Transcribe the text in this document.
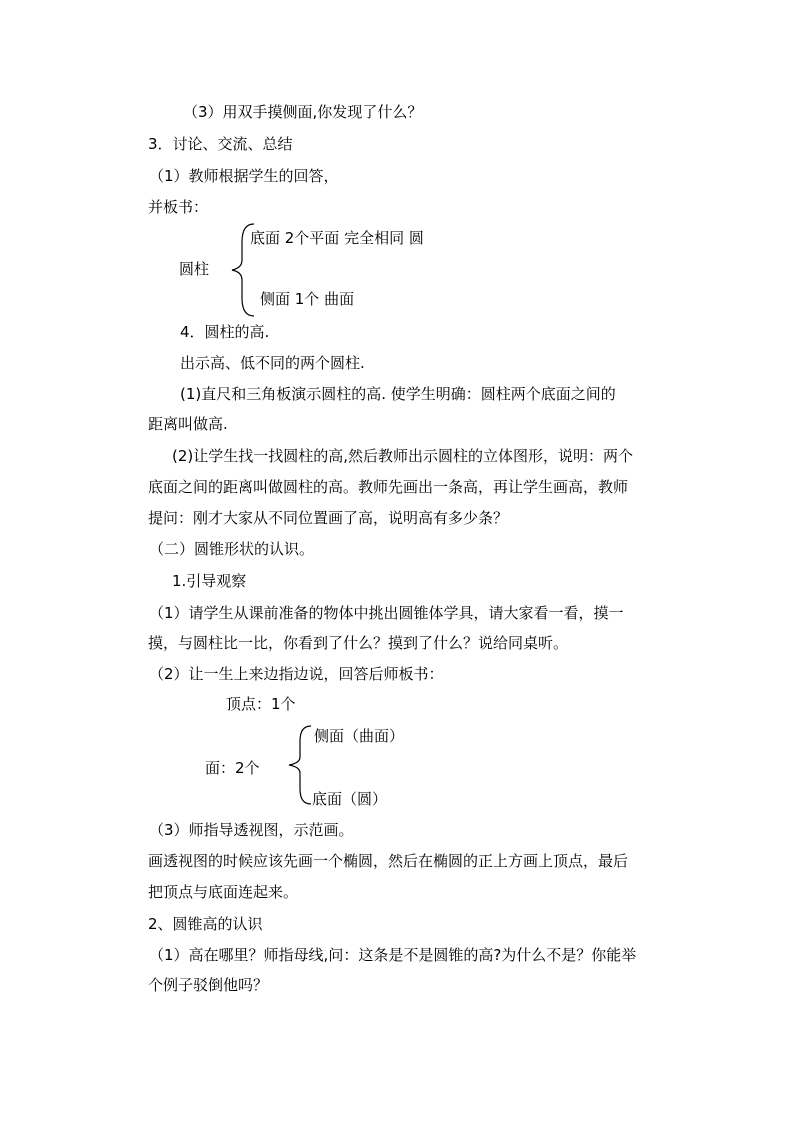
（3）用双手摸侧面,你发现了什么？
3．讨论、交流、总结
（1）教师根据学生的回答，
并板书：
圆柱
底面 2个平面 完全相同 圆
侧面 1个 曲面
4．圆柱的高.
出示高、低不同的两个圆柱.
(1)直尺和三角板演示圆柱的高. 使学生明确：圆柱两个底面之间的
距离叫做高.
(2)让学生找一找圆柱的高,然后教师出示圆柱的立体图形，说明：两个
底面之间的距离叫做圆柱的高。教师先画出一条高，再让学生画高，教师
提问：刚才大家从不同位置画了高，说明高有多少条？
（二）圆锥形状的认识。
1.引导观察
（1）请学生从课前准备的物体中挑出圆锥体学具，请大家看一看，摸一
摸，与圆柱比一比，你看到了什么？摸到了什么？说给同桌听。
（2）让一生上来边指边说，回答后师板书：
顶点：1个
面：2个
侧面（曲面）
底面（圆）
（3）师指导透视图，示范画。
画透视图的时候应该先画一个椭圆，然后在椭圆的正上方画上顶点，最后
把顶点与底面连起来。
2、圆锥高的认识
（1）高在哪里？师指母线,问：这条是不是圆锥的高?为什么不是？你能举
个例子驳倒他吗？
